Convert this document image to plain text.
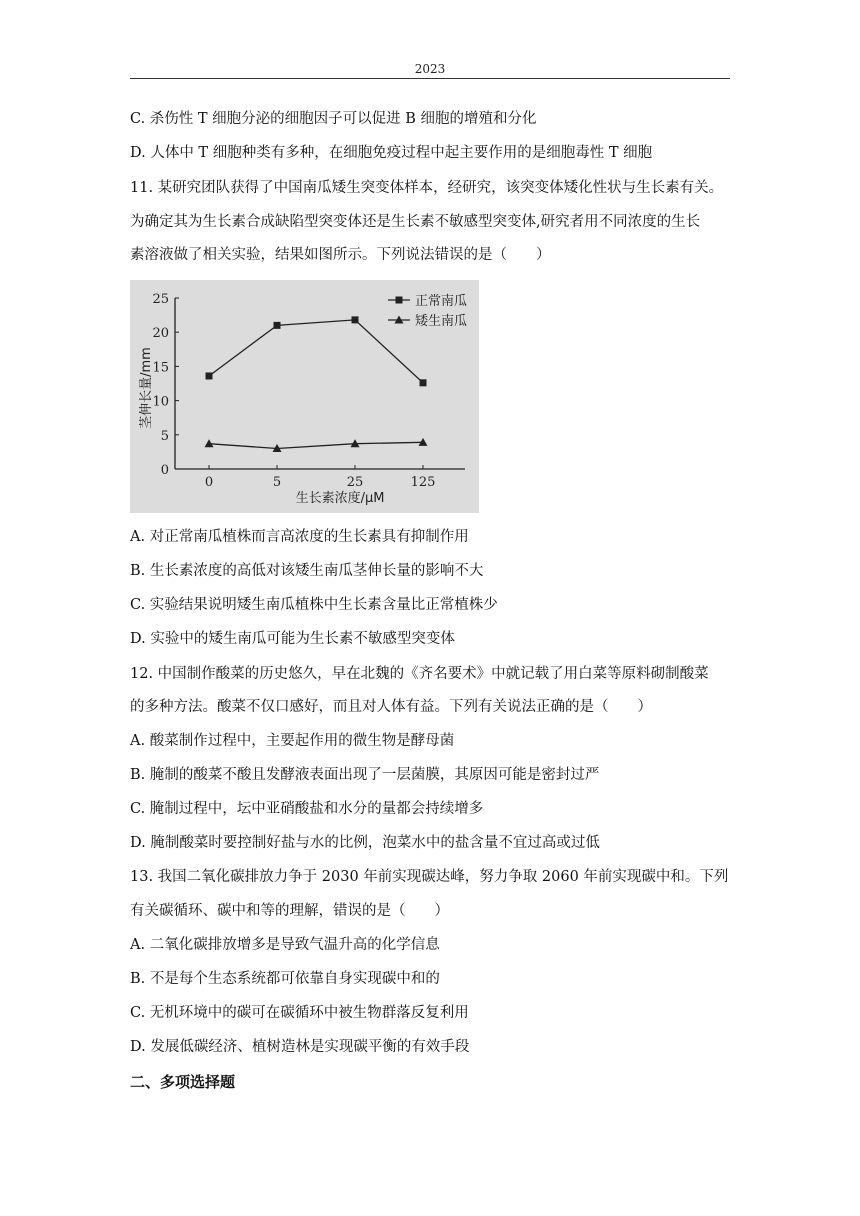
2023
C. 杀伤性 T 细胞分泌的细胞因子可以促进 B 细胞的增殖和分化
D. 人体中 T 细胞种类有多种，在细胞免疫过程中起主要作用的是细胞毒性 T 细胞
11. 某研究团队获得了中国南瓜矮生突变体样本，经研究，该突变体矮化性状与生长素有关。
为确定其为生长素合成缺陷型突变体还是生长素不敏感型突变体,研究者用不同浓度的生长
素溶液做了相关实验，结果如图所示。下列说法错误的是（　　）
0
5
10
15
20
25
0	5	25	125
正常南瓜
矮生南瓜
生长素浓度/μM
茎伸长量/mm
A. 对正常南瓜植株而言高浓度的生长素具有抑制作用
B. 生长素浓度的高低对该矮生南瓜茎伸长量的影响不大
C. 实验结果说明矮生南瓜植株中生长素含量比正常植株少
D. 实验中的矮生南瓜可能为生长素不敏感型突变体
12. 中国制作酸菜的历史悠久，早在北魏的《齐名要术》中就记载了用白菜等原料砌制酸菜
的多种方法。酸菜不仅口感好，而且对人体有益。下列有关说法正确的是（　　）
A. 酸菜制作过程中，主要起作用的微生物是酵母菌
B. 腌制的酸菜不酸且发酵液表面出现了一层菌膜，其原因可能是密封过严
C. 腌制过程中，坛中亚硝酸盐和水分的量都会持续增多
D. 腌制酸菜时要控制好盐与水的比例，泡菜水中的盐含量不宜过高或过低
13. 我国二氧化碳排放力争于 2030 年前实现碳达峰，努力争取 2060 年前实现碳中和。下列
有关碳循环、碳中和等的理解，错误的是（　　）
A. 二氧化碳排放增多是导致气温升高的化学信息
B. 不是每个生态系统都可依靠自身实现碳中和的
C. 无机环境中的碳可在碳循环中被生物群落反复利用
D. 发展低碳经济、植树造林是实现碳平衡的有效手段
二、多项选择题
